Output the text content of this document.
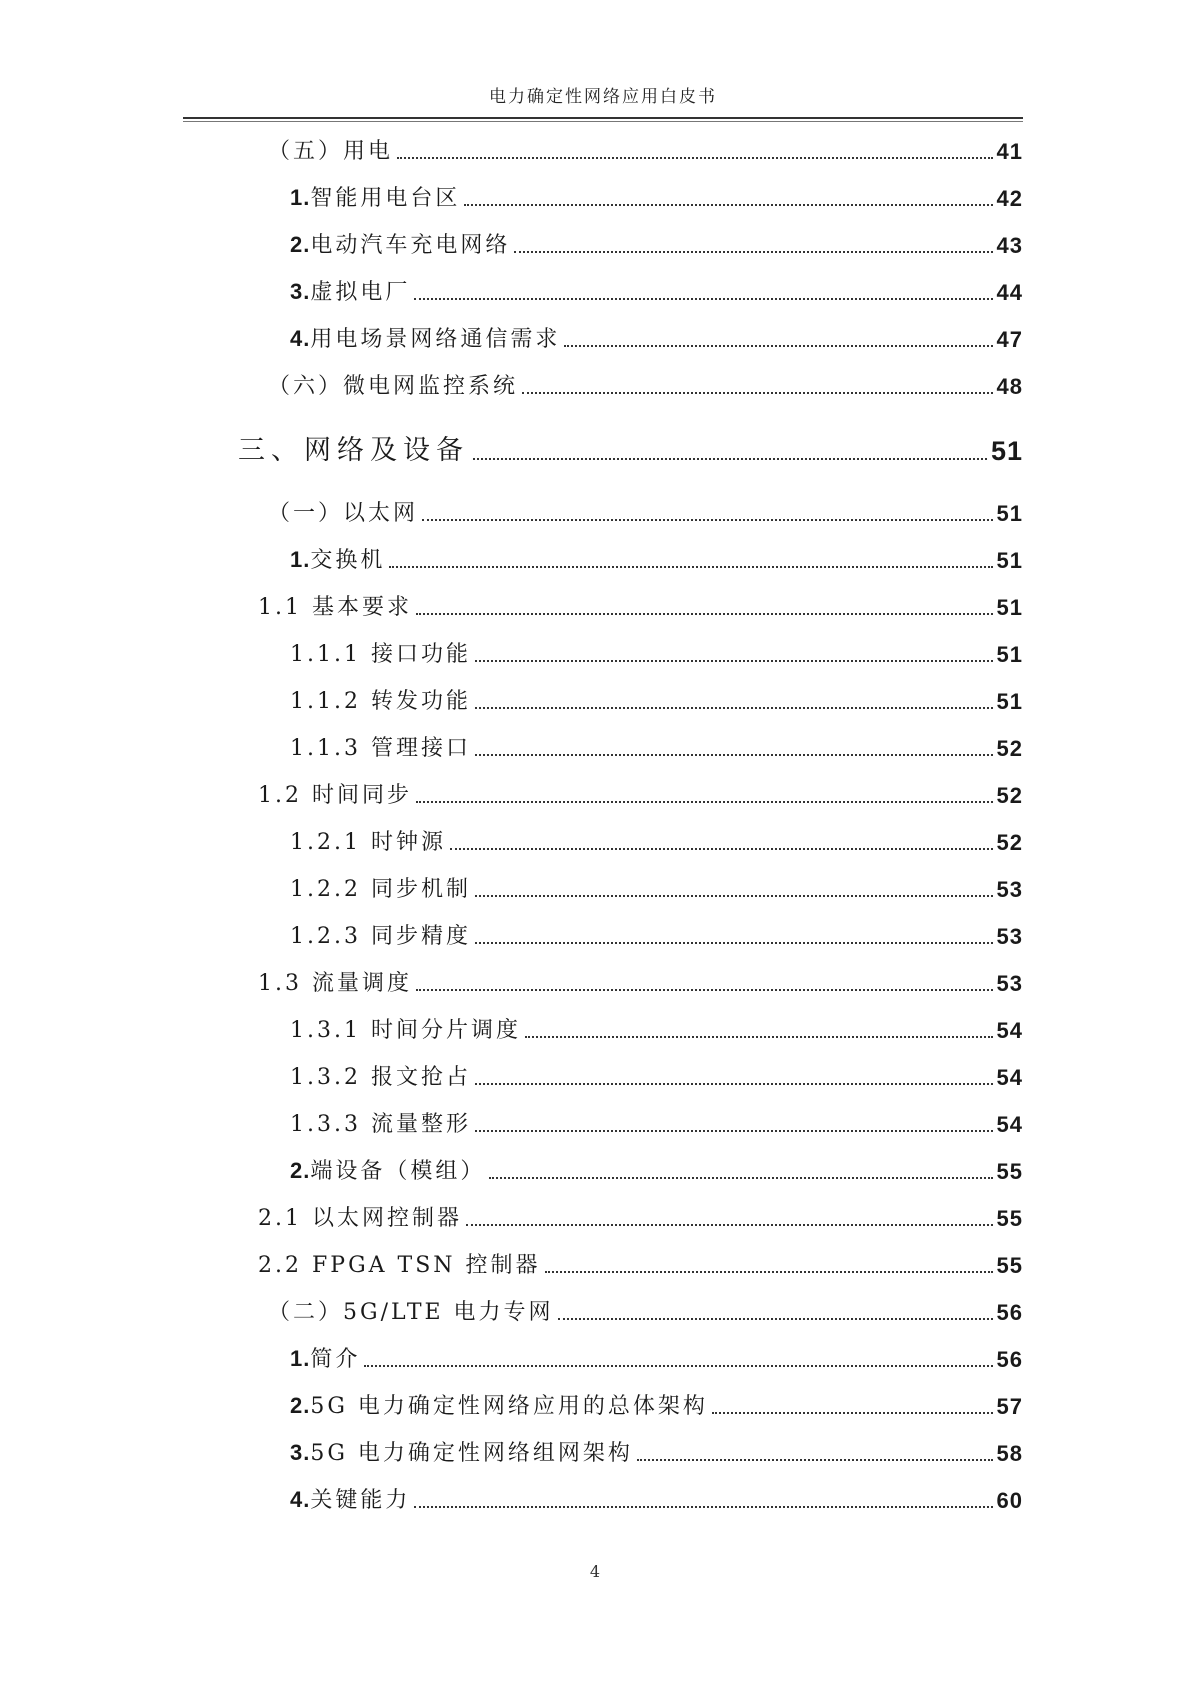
电力确定性网络应用白皮书
（五）用电	41
1.智能用电台区	42
2.电动汽车充电网络	43
3.虚拟电厂	44
4.用电场景网络通信需求	47
（六）微电网监控系统	48
三、网络及设备	51
（一）以太网	51
1.交换机	51
1.1 基本要求	51
1.1.1 接口功能	51
1.1.2 转发功能	51
1.1.3 管理接口	52
1.2 时间同步	52
1.2.1 时钟源	52
1.2.2 同步机制	53
1.2.3 同步精度	53
1.3 流量调度	53
1.3.1 时间分片调度	54
1.3.2 报文抢占	54
1.3.3 流量整形	54
2.端设备（模组）	55
2.1 以太网控制器	55
2.2 FPGA TSN 控制器	55
（二）5G/LTE 电力专网	56
1.简介	56
2.5G 电力确定性网络应用的总体架构	57
3.5G 电力确定性网络组网架构	58
4.关键能力	60
4
